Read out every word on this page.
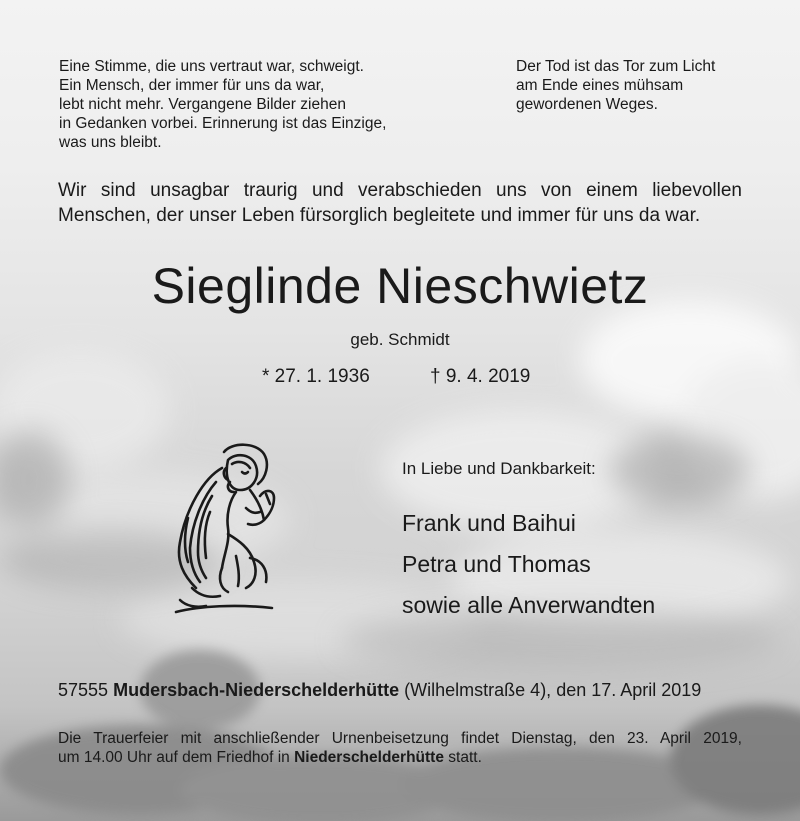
Eine Stimme, die uns vertraut war, schweigt.
Ein Mensch, der immer für uns da war,
lebt nicht mehr. Vergangene Bilder ziehen
in Gedanken vorbei. Erinnerung ist das Einzige,
was uns bleibt.
Der Tod ist das Tor zum Licht
am Ende eines mühsam
gewordenen Weges.
Wir sind unsagbar traurig und verabschieden uns von einem liebevollen
Menschen, der unser Leben fürsorglich begleitete und immer für uns da war.
Sieglinde Nieschwietz
geb. Schmidt
* 27. 1. 1936	† 9. 4. 2019
In Liebe und Dankbarkeit:
Frank und Baihui
Petra und Thomas
sowie alle Anverwandten
57555 Mudersbach-Niederschelderhütte (Wilhelmstraße 4), den 17. April 2019
Die Trauerfeier mit anschließender Urnenbeisetzung findet Dienstag, den 23. April 2019,
um 14.00 Uhr auf dem Friedhof in Niederschelderhütte statt.
